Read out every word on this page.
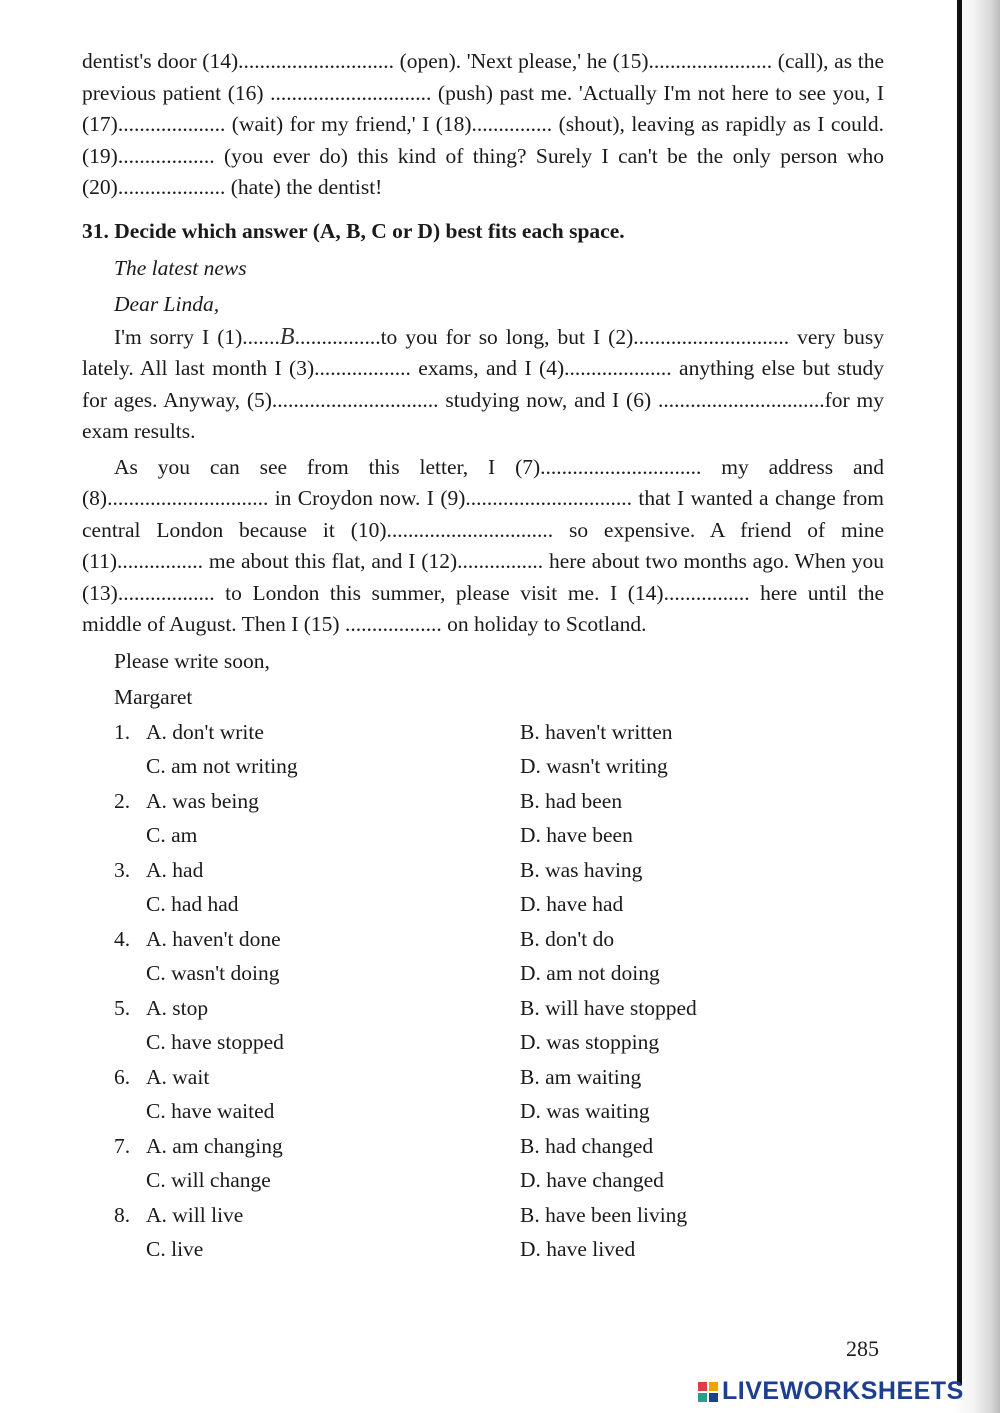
dentist's door (14)............................. (open). 'Next please,' he (15)....................... (call), as the previous patient (16) .............................. (push) past me. 'Actually I'm not here to see you, I (17).................... (wait) for my friend,' I (18)............... (shout), leaving as rapidly as I could. (19).................. (you ever do) this kind of thing? Surely I can't be the only person who (20).................... (hate) the dentist!

31. Decide which answer (A, B, C or D) best fits each space.
The latest news
Dear Linda,

I'm sorry I (1).......B................to you for so long, but I (2)............................. very busy lately. All last month I (3).................. exams, and I (4).................... anything else but study for ages. Anyway, (5)............................... studying now, and I (6) ...............................for my exam results.

As you can see from this letter, I (7).............................. my address and (8).............................. in Croydon now. I (9)............................... that I wanted a change from central London because it (10)............................... so expensive. A friend of mine (11)................ me about this flat, and I (12)................ here about two months ago. When you (13).................. to London this summer, please visit me. I (14)................ here until the middle of August. Then I (15) .................. on holiday to Scotland.

Please write soon,
Margaret
1. A. don't write	B. haven't written
C. am not writing	D. wasn't writing
2. A. was being	B. had been
C. am	D. have been
3. A. had	B. was having
C. had had	D. have had
4. A. haven't done	B. don't do
C. wasn't doing	D. am not doing
5. A. stop	B. will have stopped
C. have stopped	D. was stopping
6. A. wait	B. am waiting
C. have waited	D. was waiting
7. A. am changing	B. had changed
C. will change	D. have changed
8. A. will live	B. have been living
C. live	D. have lived
285
LIVEWORKSHEETS
